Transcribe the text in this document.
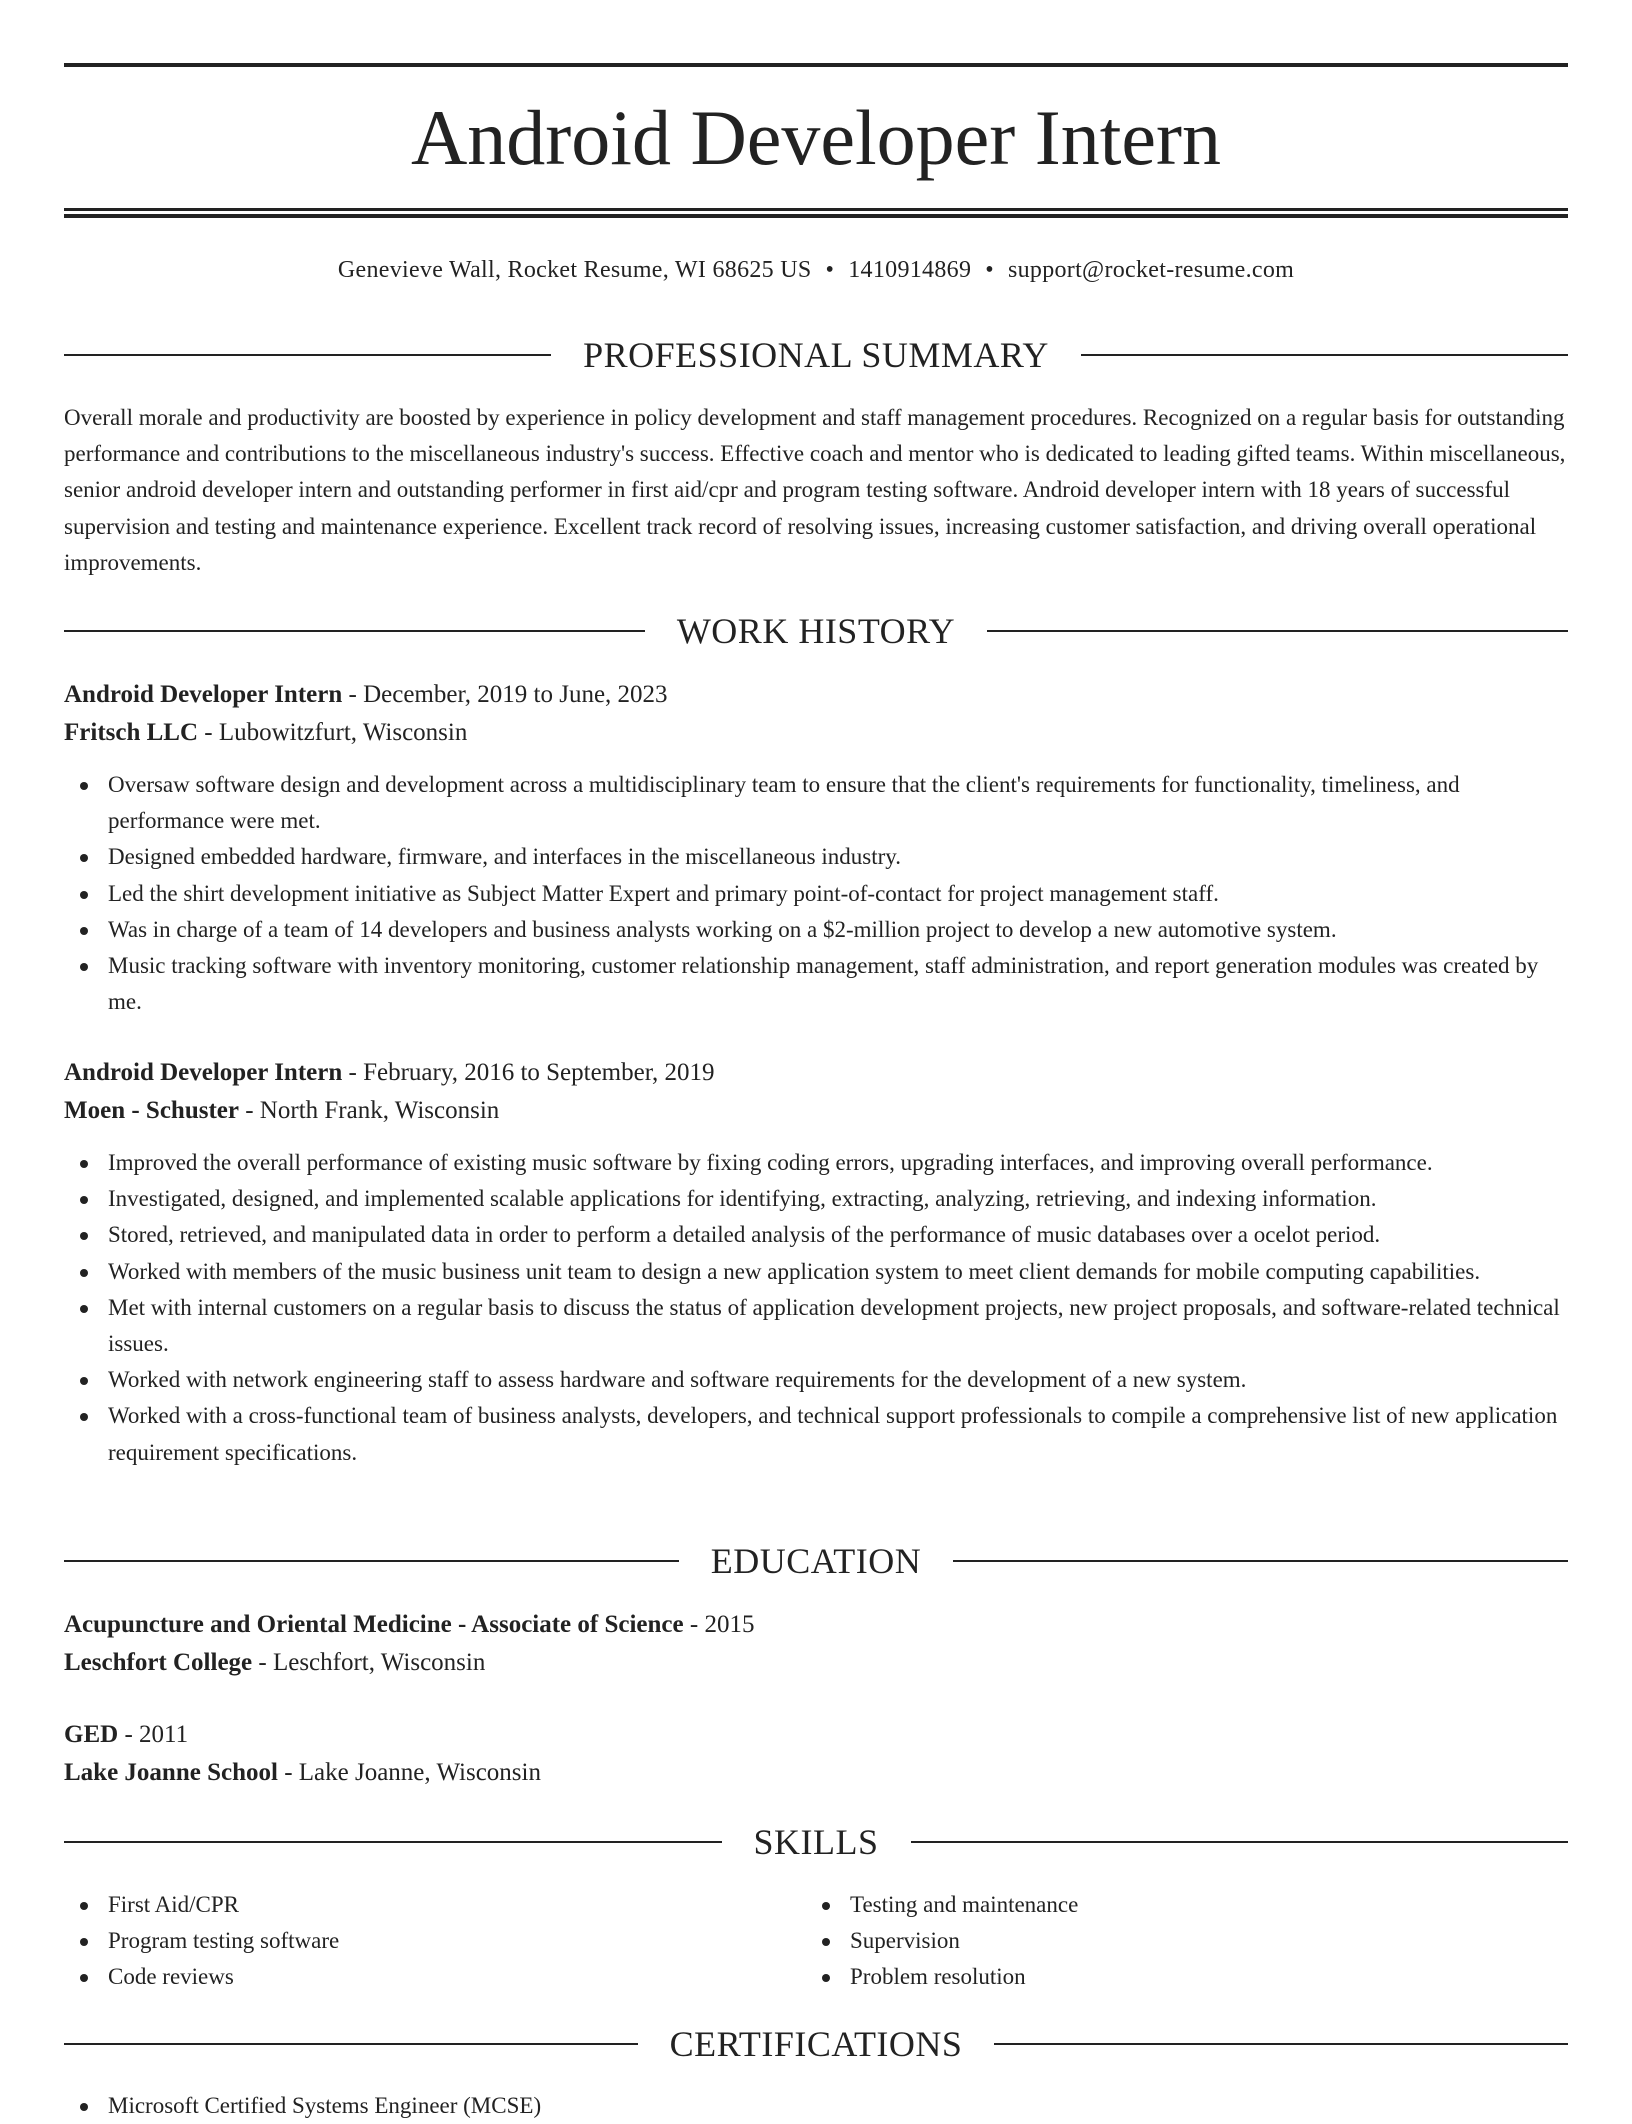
Android Developer Intern
Genevieve Wall, Rocket Resume, WI 68625 US • 1410914869 • support@rocket-resume.com
PROFESSIONAL SUMMARY

Overall morale and productivity are boosted by experience in policy development and staff management procedures. Recognized on a regular basis for outstanding performance and contributions to the miscellaneous industry's success. Effective coach and mentor who is dedicated to leading gifted teams. Within miscellaneous, senior android developer intern and outstanding performer in first aid/cpr and program testing software. Android developer intern with 18 years of successful supervision and testing and maintenance experience. Excellent track record of resolving issues, increasing customer satisfaction, and driving overall operational improvements.

WORK HISTORY

Android Developer Intern - December, 2019 to June, 2023

Fritsch LLC - Lubowitzfurt, Wisconsin

Oversaw software design and development across a multidisciplinary team to ensure that the client's requirements for functionality, timeliness, and performance were met.
Designed embedded hardware, firmware, and interfaces in the miscellaneous industry.
Led the shirt development initiative as Subject Matter Expert and primary point-of-contact for project management staff.
Was in charge of a team of 14 developers and business analysts working on a $2-million project to develop a new automotive system.
Music tracking software with inventory monitoring, customer relationship management, staff administration, and report generation modules was created by me.

Android Developer Intern - February, 2016 to September, 2019

Moen - Schuster - North Frank, Wisconsin

Improved the overall performance of existing music software by fixing coding errors, upgrading interfaces, and improving overall performance.
Investigated, designed, and implemented scalable applications for identifying, extracting, analyzing, retrieving, and indexing information.
Stored, retrieved, and manipulated data in order to perform a detailed analysis of the performance of music databases over a ocelot period.
Worked with members of the music business unit team to design a new application system to meet client demands for mobile computing capabilities.
Met with internal customers on a regular basis to discuss the status of application development projects, new project proposals, and software-related technical issues.
Worked with network engineering staff to assess hardware and software requirements for the development of a new system.
Worked with a cross-functional team of business analysts, developers, and technical support professionals to compile a comprehensive list of new application requirement specifications.
EDUCATION

Acupuncture and Oriental Medicine - Associate of Science - 2015

Leschfort College - Leschfort, Wisconsin

GED - 2011

Lake Joanne School - Lake Joanne, Wisconsin

SKILLS
First Aid/CPR
Program testing software
Code reviews
Testing and maintenance
Supervision
Problem resolution
CERTIFICATIONS
Microsoft Certified Systems Engineer (MCSE)
